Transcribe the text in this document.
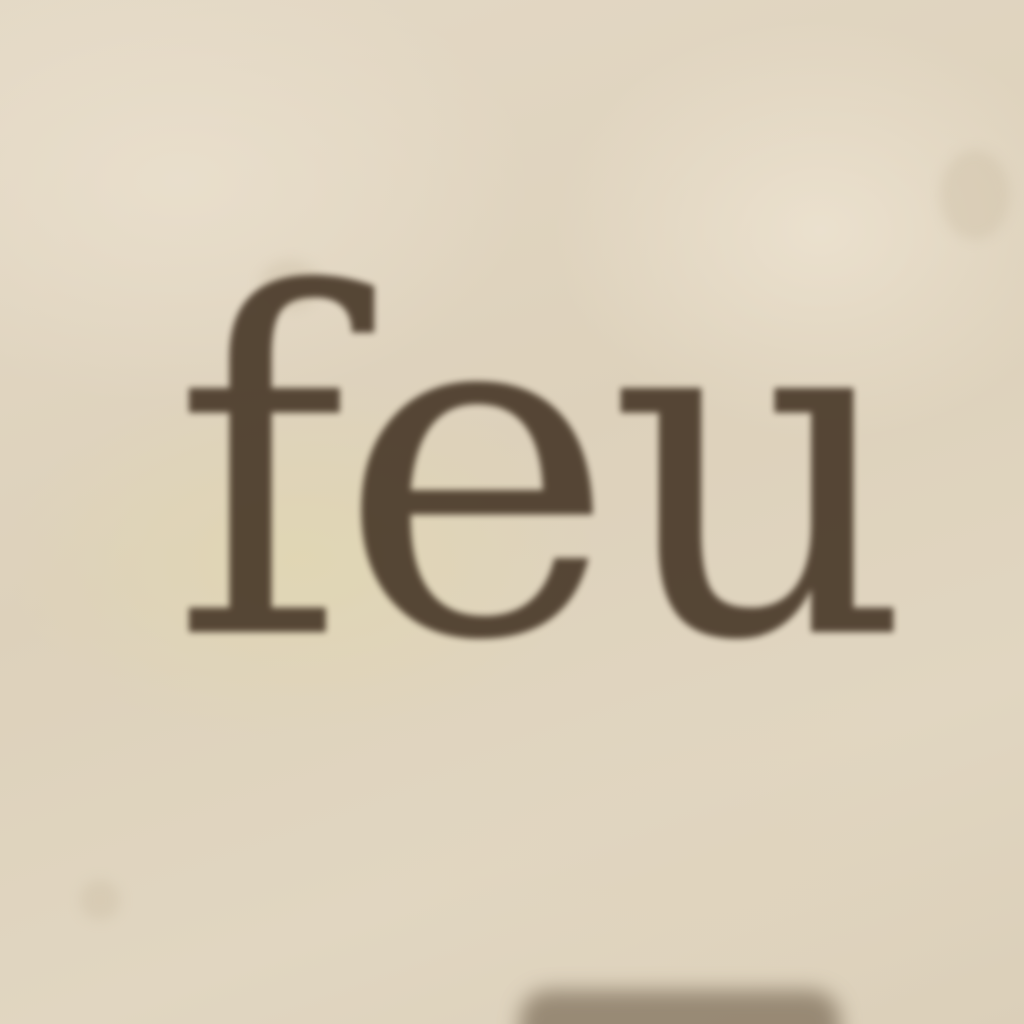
feu
